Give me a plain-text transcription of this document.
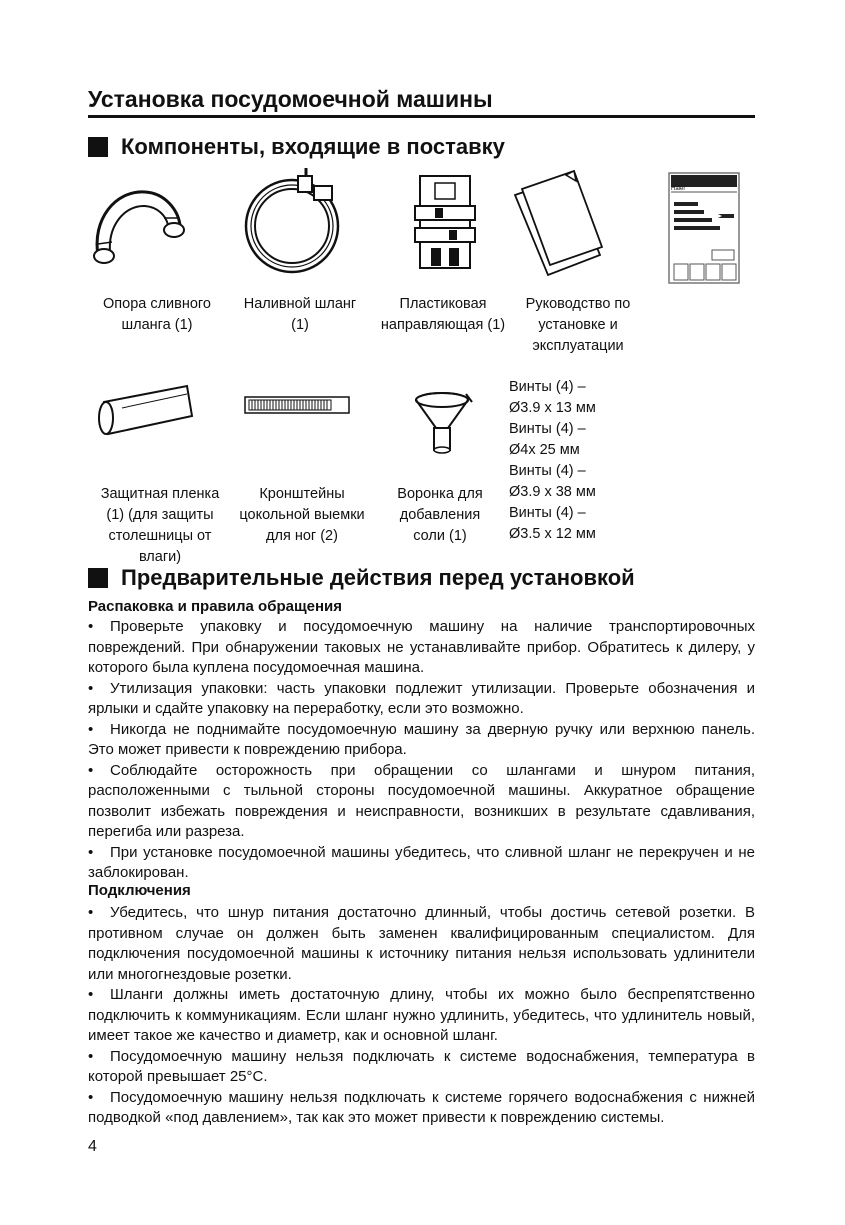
Установка посудомоечной машины
Компоненты, входящие в поставку
Haier
Опора сливного шланга (1)
Наливной шланг (1)
Пластиковая направляющая (1)
Руководство по установке и эксплуатации
Защитная пленка (1) (для защиты столешницы от влаги)
Кронштейны цокольной выемки для ног (2)
Воронка для добавления соли (1)
Винты (4) – Ø3.9 x 13 мм
Винты (4) – Ø4x 25 мм
Винты (4) – Ø3.9 x 38 мм
Винты (4) – Ø3.5 x 12 мм
Предварительные действия перед установкой
Распаковка и правила обращения
• Проверьте упаковку и посудомоечную машину на наличие транспортировочных повреждений. При обнаружении таковых не устанавливайте прибор. Обратитесь к дилеру, у которого была куплена посудомоечная машина.
• Утилизация упаковки: часть упаковки подлежит утилизации. Проверьте обозначения и ярлыки и сдайте упаковку на переработку, если это возможно.
• Никогда не поднимайте посудомоечную машину за дверную ручку или верхнюю панель. Это может привести к повреждению прибора.
• Соблюдайте осторожность при обращении со шлангами и шнуром питания, расположенными с тыльной стороны посудомоечной машины. Аккуратное обращение позволит избежать повреждения и неисправности, возникших в результате сдавливания, перегиба или разреза.
• При установке посудомоечной машины убедитесь, что сливной шланг не перекручен и не заблокирован.
Подключения
• Убедитесь, что шнур питания достаточно длинный, чтобы достичь сетевой розетки. В противном случае он должен быть заменен квалифицированным специалистом. Для подключения посудомоечной машины к источнику питания нельзя использовать удлинители или многогнездовые розетки.
• Шланги должны иметь достаточную длину, чтобы их можно было беспрепятственно подключить к коммуникациям. Если шланг нужно удлинить, убедитесь, что удлинитель новый, имеет такое же качество и диаметр, как и основной шланг.
• Посудомоечную машину нельзя подключать к системе водоснабжения, температура в которой превышает 25°C.
• Посудомоечную машину нельзя подключать к системе горячего водоснабжения с нижней подводкой «под давлением», так как это может привести к повреждению системы.
4
